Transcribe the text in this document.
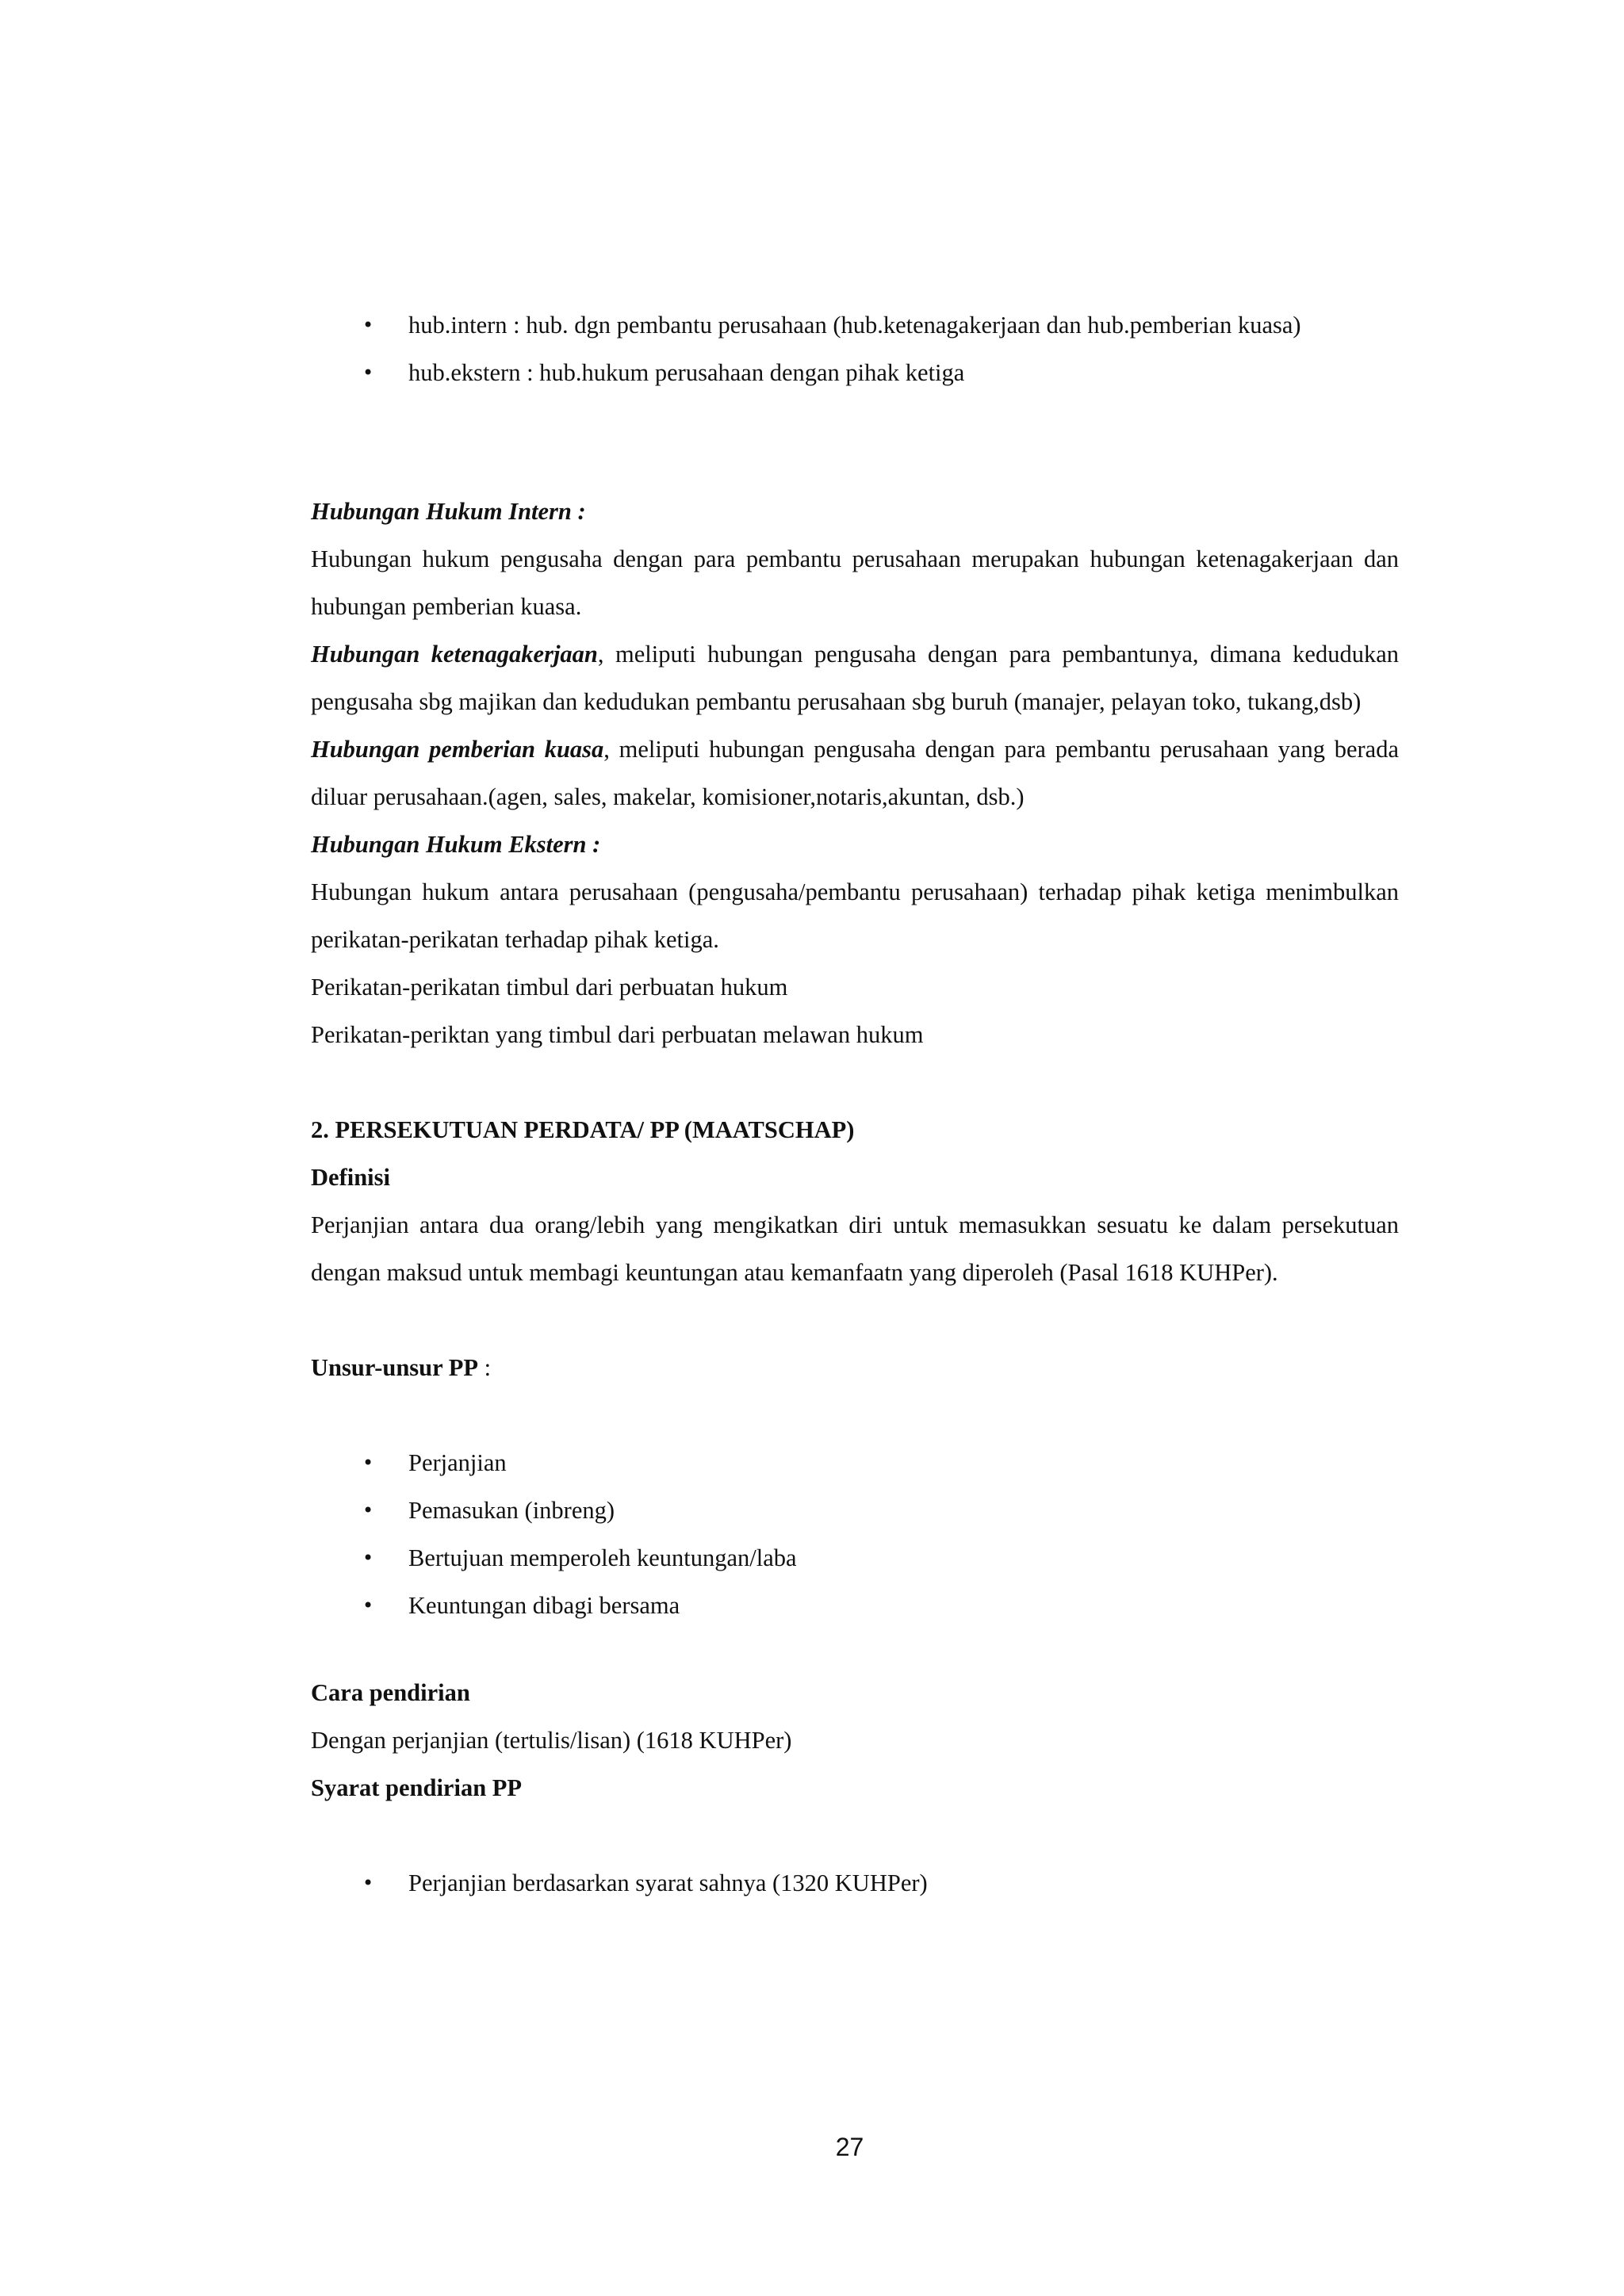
• hub.intern : hub. dgn pembantu perusahaan (hub.ketenagakerjaan dan hub.pemberian kuasa)
• hub.ekstern : hub.hukum perusahaan dengan pihak ketiga

Hubungan Hukum Intern :

Hubungan hukum pengusaha dengan para pembantu perusahaan merupakan hubungan ketenagakerjaan dan hubungan pemberian kuasa.

Hubungan ketenagakerjaan, meliputi hubungan pengusaha dengan para pembantunya, dimana kedudukan pengusaha sbg majikan dan kedudukan pembantu perusahaan sbg buruh (manajer, pelayan toko, tukang,dsb)

Hubungan pemberian kuasa, meliputi hubungan pengusaha dengan para pembantu perusahaan yang berada diluar perusahaan.(agen, sales, makelar, komisioner,notaris,akuntan, dsb.)

Hubungan Hukum Ekstern :

Hubungan hukum antara perusahaan (pengusaha/pembantu perusahaan) terhadap pihak ketiga menimbulkan perikatan-perikatan terhadap pihak ketiga.

Perikatan-perikatan timbul dari perbuatan hukum

Perikatan-periktan yang timbul dari perbuatan melawan hukum

2. PERSEKUTUAN PERDATA/ PP (MAATSCHAP)

Definisi

Perjanjian antara dua orang/lebih yang mengikatkan diri untuk memasukkan sesuatu ke dalam persekutuan dengan maksud untuk membagi keuntungan atau kemanfaatn yang diperoleh (Pasal 1618 KUHPer).

Unsur-unsur PP :

• Perjanjian
• Pemasukan (inbreng)
• Bertujuan memperoleh keuntungan/laba
• Keuntungan dibagi bersama

Cara pendirian

Dengan perjanjian (tertulis/lisan) (1618 KUHPer)

Syarat pendirian PP

• Perjanjian berdasarkan syarat sahnya (1320 KUHPer)
27
